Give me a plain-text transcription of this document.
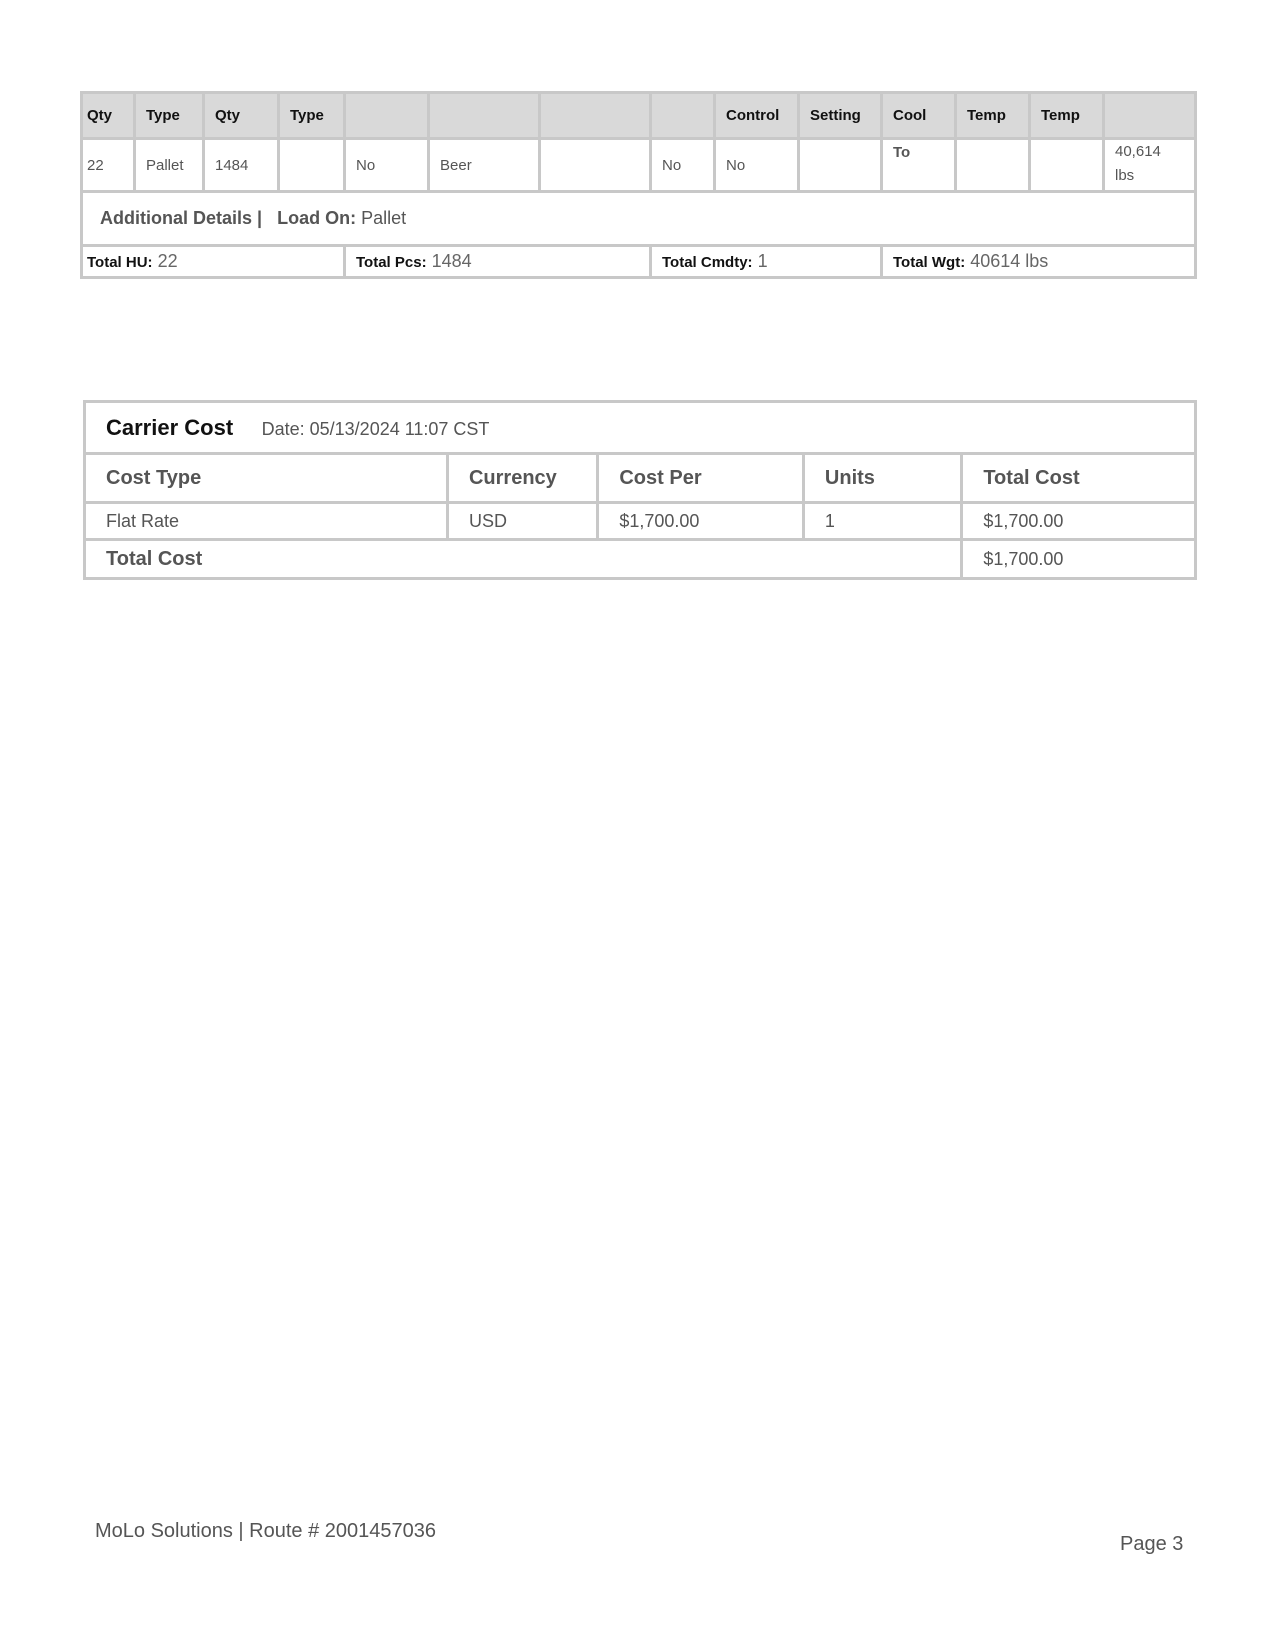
Qty	Type	Qty	Type					Control	Setting	Cool	Temp	Temp	
22	Pallet	1484		No	Beer		No	No		To			40,614
lbs

Additional Details | Load On: Pallet													
Total HU: 22				Total Pcs: 1484			Total Cmdty: 1			Total Wgt: 40614 lbs			
Carrier Cost Date: 05/13/2024 11:07 CST				
Cost Type	Currency	Cost Per	Units	Total Cost
Flat Rate	USD	$1,700.00	1	$1,700.00
Total Cost				$1,700.00
MoLo Solutions | Route # 2001457036
Page 3
